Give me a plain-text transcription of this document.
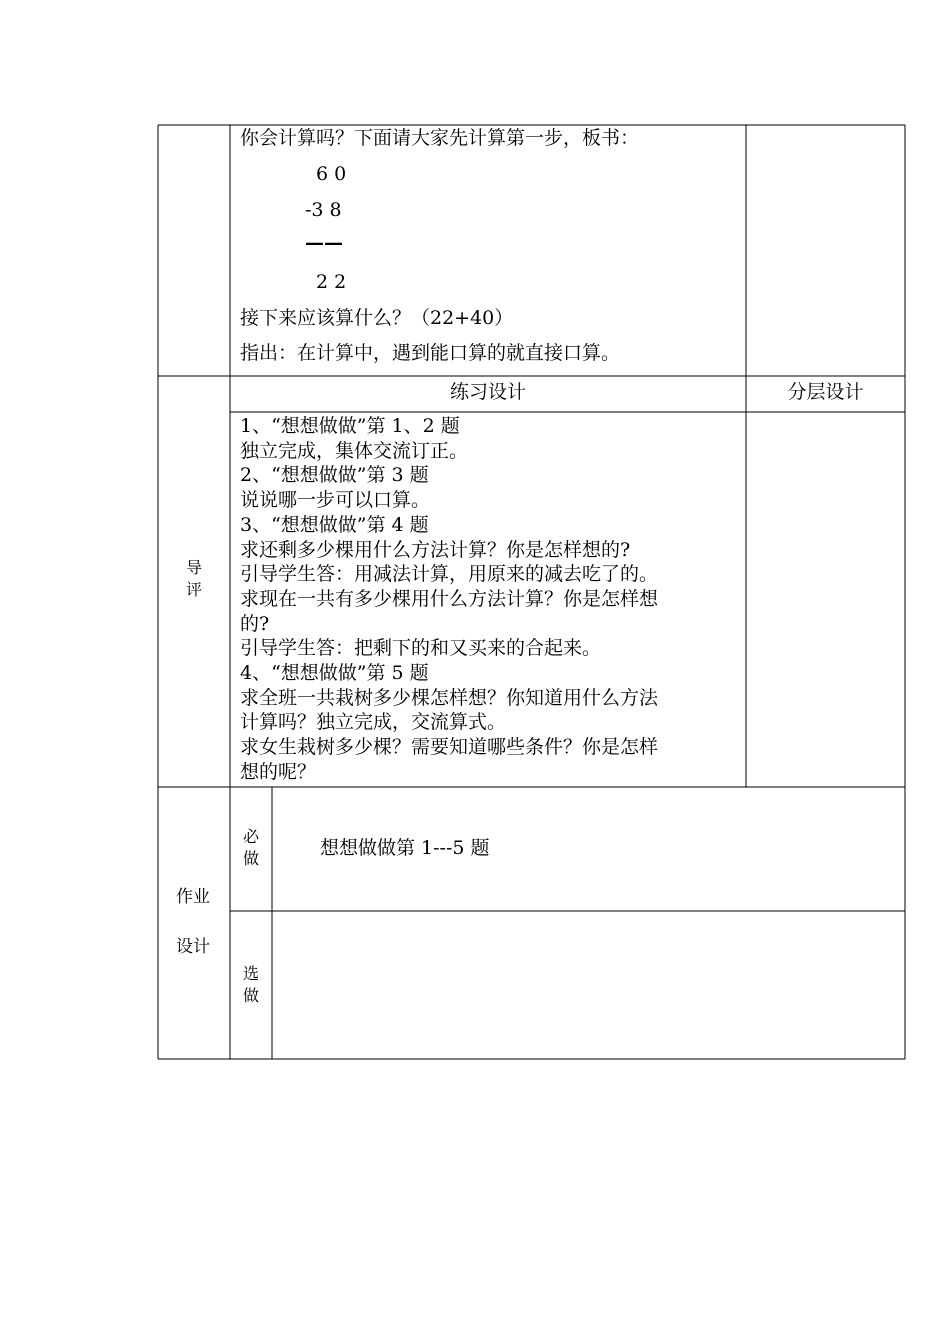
你会计算吗？下面请大家先计算第一步，板书：
6 0
-3 8
——
2 2
接下来应该算什么？（22+40）
指出：在计算中，遇到能口算的就直接口算。
导
评
练习设计	分层设计
1、“想想做做”第 1、2 题
独立完成，集体交流订正。
2、“想想做做”第 3 题
说说哪一步可以口算。
3、“想想做做”第 4 题
求还剩多少棵用什么方法计算？你是怎样想的?
引导学生答：用减法计算，用原来的减去吃了的。
求现在一共有多少棵用什么方法计算？你是怎样想
的?
引导学生答：把剩下的和又买来的合起来。
4、“想想做做”第 5 题
求全班一共栽树多少棵怎样想？你知道用什么方法
计算吗？独立完成，交流算式。
求女生栽树多少棵？需要知道哪些条件？你是怎样
想的呢？
作业
设计
必
做	想想做做第 1---5 题
选
做
